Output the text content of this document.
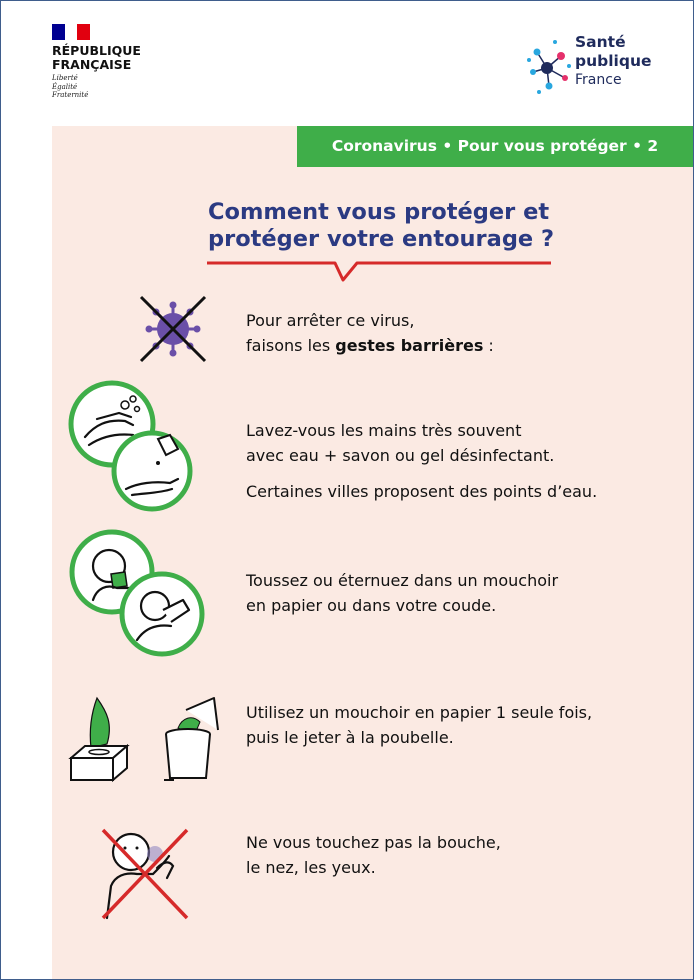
RÉPUBLIQUE
FRANÇAISE
Liberté
Égalité
Fraternité
Santé
publique
France
Coronavirus • Pour vous protéger • 2
Comment vous protéger et
protéger votre entourage ?
Pour arrêter ce virus,
faisons les gestes barrières :
Lavez-vous les mains très souvent
avec eau + savon ou gel désinfectant.
Certaines villes proposent des points d’eau.
Toussez ou éternuez dans un mouchoir
en papier ou dans votre coude.
Utilisez un mouchoir en papier 1 seule fois,
puis le jeter à la poubelle.
Ne vous touchez pas la bouche,
le nez, les yeux.
